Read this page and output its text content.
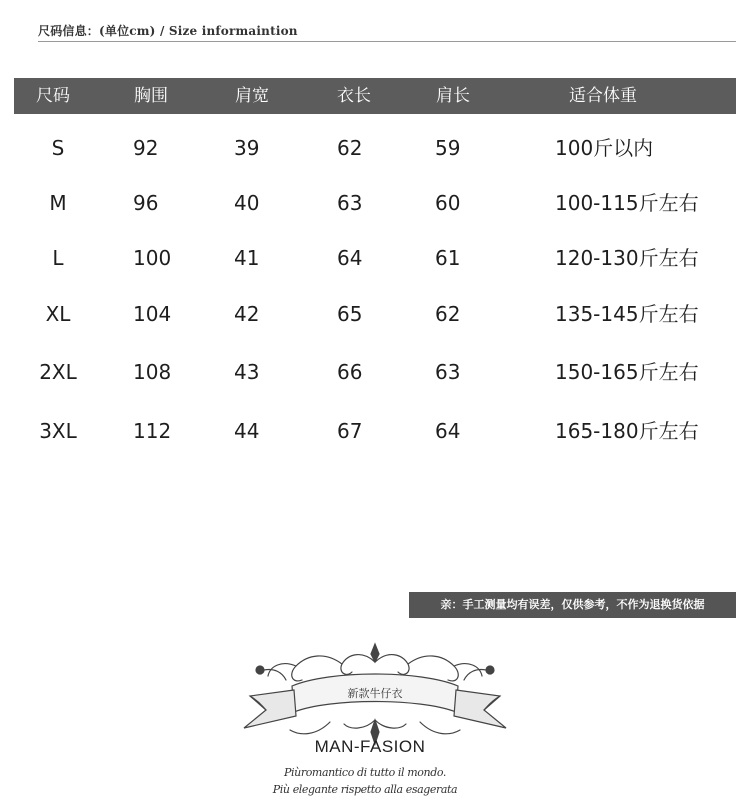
尺码信息：(单位cm) / Size informaintion
尺码	胸围	肩宽	衣长	肩长	适合体重
S	92	39	62	59	100斤以内
M	96	40	63	60	100-115斤左右
L	100	41	64	61	120-130斤左右
XL	104	42	65	62	135-145斤左右
2XL	108	43	66	63	150-165斤左右
3XL	112	44	67	64	165-180斤左右
亲：手工测量均有误差，仅供参考，不作为退换货依据
新款牛仔衣
MAN-FASION
Piùromantico di tutto il mondo.
Più elegante rispetto alla esagerata
